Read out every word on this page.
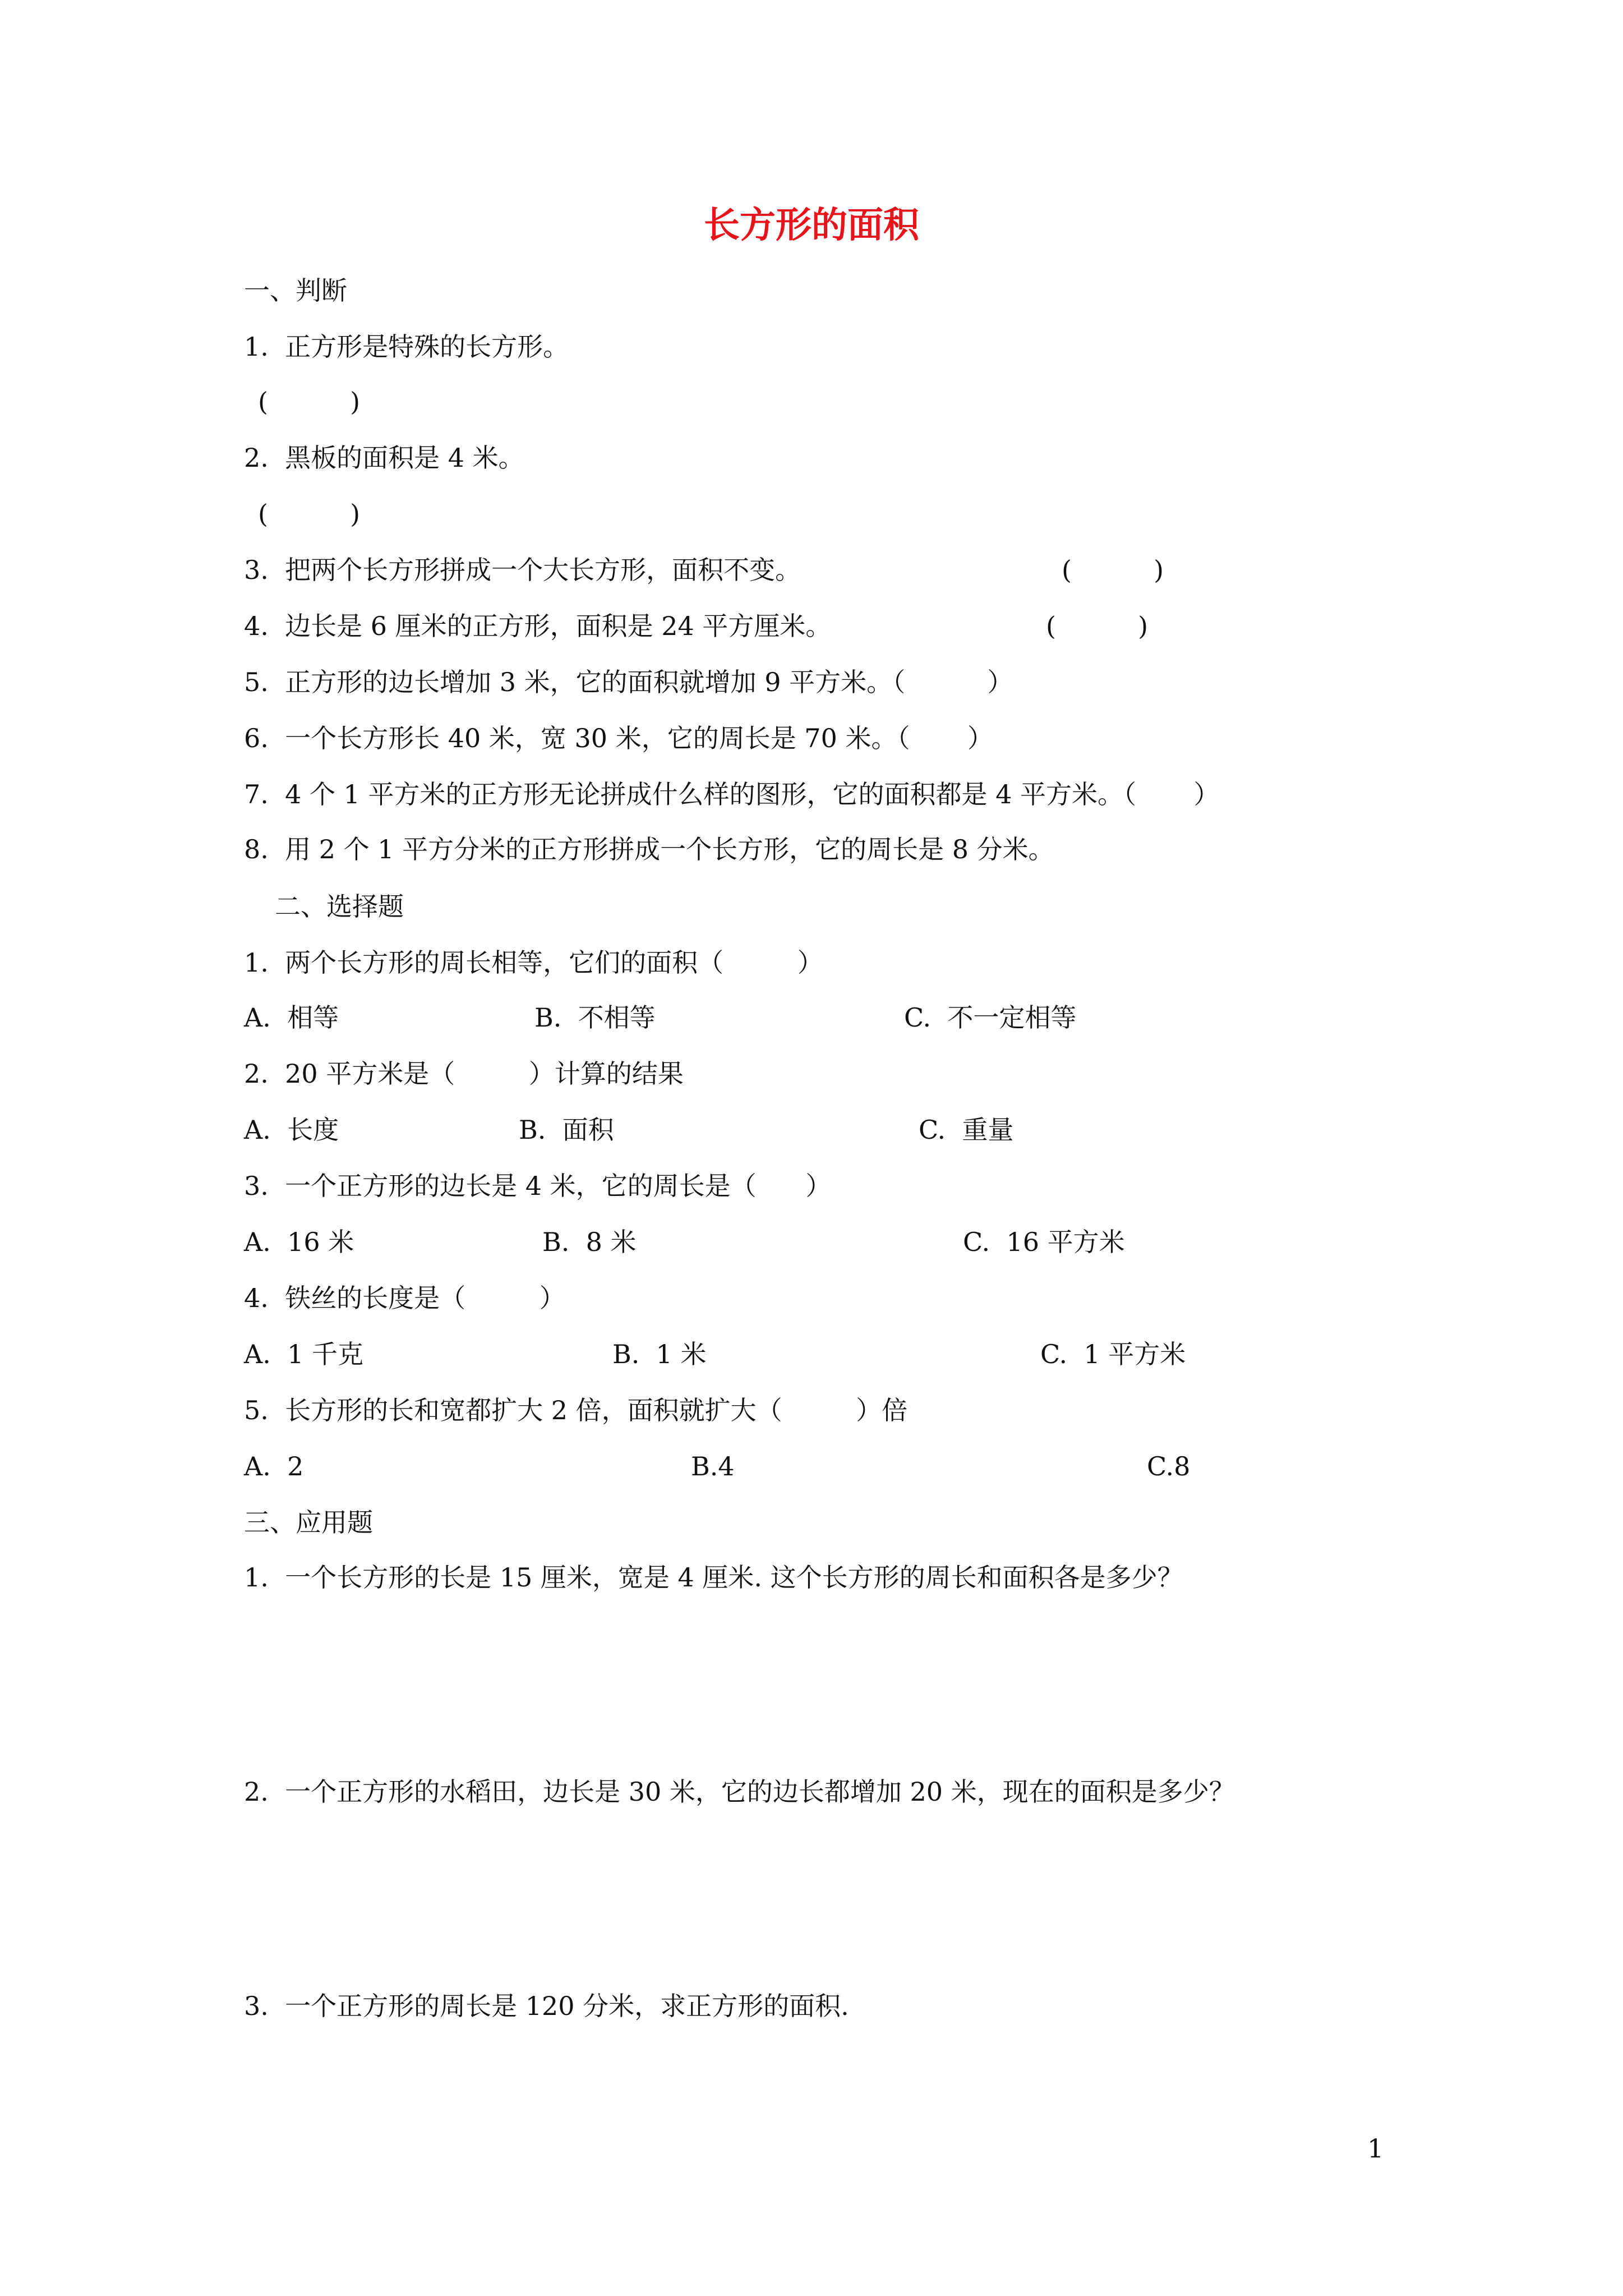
长方形的面积
一、判断
1.  正方形是特殊的长方形。
(          )
2.  黑板的面积是 4 米。
(          )

3.  把两个长方形拼成一个大长方形，面积不变。

	(          )

4.  边长是 6 厘米的正方形，面积是 24 平方厘米。

	(          )

5.  正方形的边长增加 3 米，它的面积就增加 9 平方米。（          ）
6.  一个长方形长 40 米，宽 30 米，它的周长是 70 米。（       ）
7.  4 个 1 平方米的正方形无论拼成什么样的图形，它的面积都是 4 平方米。（       ）
8.  用 2 个 1 平方分米的正方形拼成一个长方形，它的周长是 8 分米。
二、选择题
1.  两个长方形的周长相等，它们的面积（         ）

A.  相等

	B.  不相等

	C.  不一定相等

2.  20 平方米是（         ）计算的结果

A.  长度

	B.  面积

	C.  重量

3.  一个正方形的边长是 4 米，它的周长是（      ）

A.  16 米

	B.  8 米

	C.  16 平方米

4.  铁丝的长度是（         ）

A.  1 千克

	B.  1 米

	C.  1 平方米

5.  长方形的长和宽都扩大 2 倍，面积就扩大（         ）倍

A.  2

	B.4

	C.8

三、应用题
1.  一个长方形的长是 15 厘米，宽是 4 厘米. 这个长方形的周长和面积各是多少？
2.  一个正方形的水稻田，边长是 30 米，它的边长都增加 20 米，现在的面积是多少？
3.  一个正方形的周长是 120 分米，求正方形的面积.
1
